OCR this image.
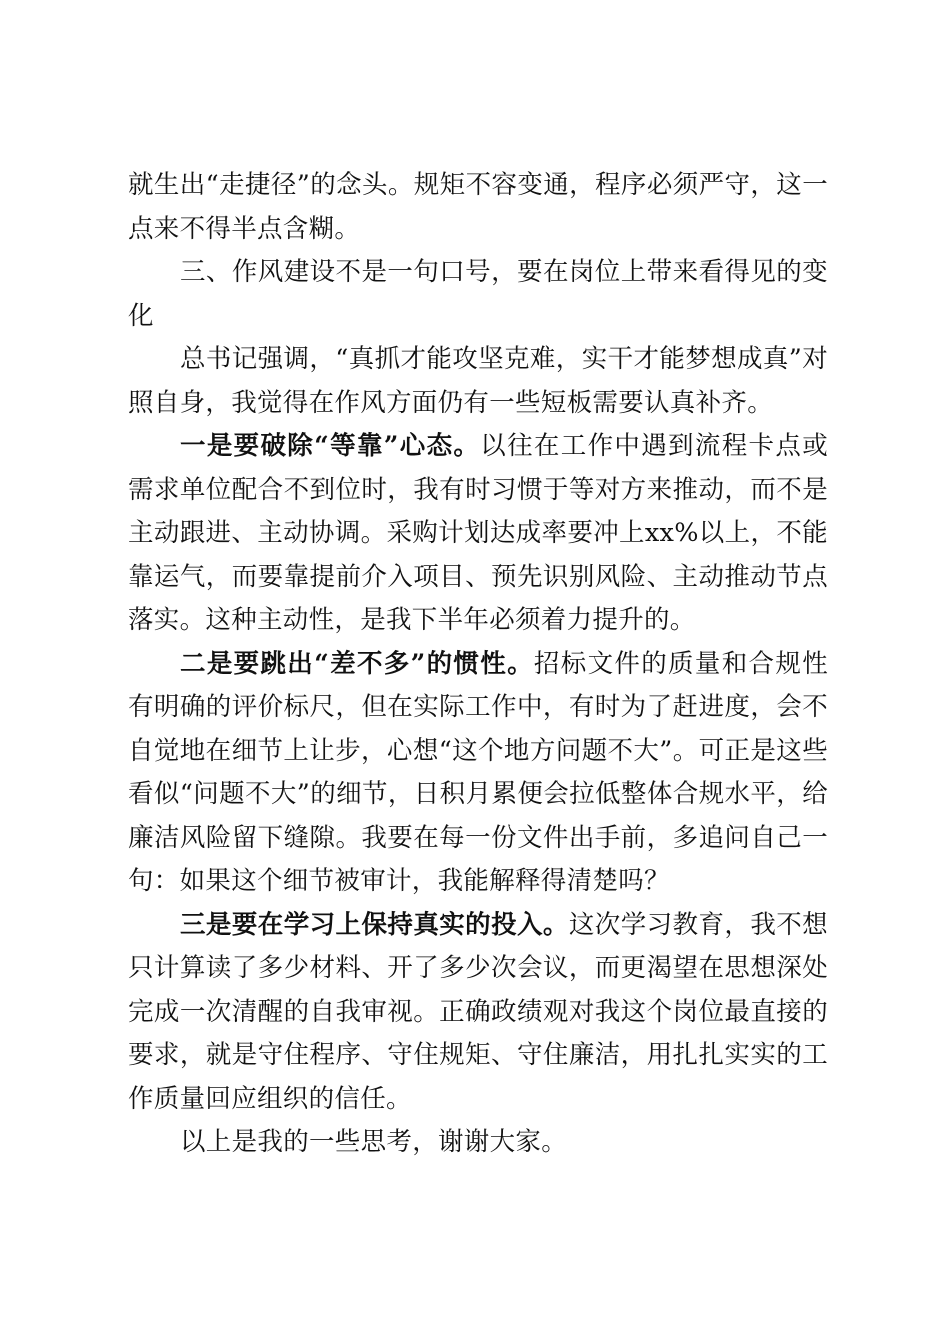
就生出“走捷径”的念头。规矩不容变通，程序必须严守，这一点来不得半点含糊。

三、作风建设不是一句口号，要在岗位上带来看得见的变化

总书记强调，“真抓才能攻坚克难，实干才能梦想成真”对照自身，我觉得在作风方面仍有一些短板需要认真补齐。

一是要破除“等靠”心态。以往在工作中遇到流程卡点或需求单位配合不到位时，我有时习惯于等对方来推动，而不是主动跟进、主动协调。采购计划达成率要冲上xx%以上，不能靠运气，而要靠提前介入项目、预先识别风险、主动推动节点落实。这种主动性，是我下半年必须着力提升的。

二是要跳出“差不多”的惯性。招标文件的质量和合规性有明确的评价标尺，但在实际工作中，有时为了赶进度，会不自觉地在细节上让步，心想“这个地方问题不大”。可正是这些看似“问题不大”的细节，日积月累便会拉低整体合规水平，给廉洁风险留下缝隙。我要在每一份文件出手前，多追问自己一句：如果这个细节被审计，我能解释得清楚吗？

三是要在学习上保持真实的投入。这次学习教育，我不想只计算读了多少材料、开了多少次会议，而更渴望在思想深处完成一次清醒的自我审视。正确政绩观对我这个岗位最直接的要求，就是守住程序、守住规矩、守住廉洁，用扎扎实实的工作质量回应组织的信任。

以上是我的一些思考，谢谢大家。
